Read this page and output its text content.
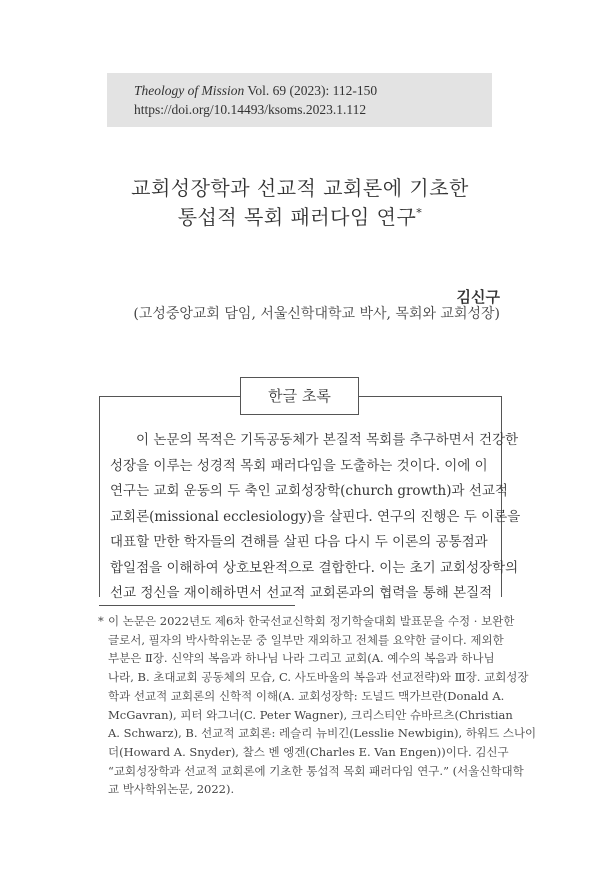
Theology of Mission Vol. 69 (2023): 112-150
https://doi.org/10.14493/ksoms.2023.1.112
교회성장학과 선교적 교회론에 기초한
통섭적 목회 패러다임 연구*
김신구
(고성중앙교회 담임, 서울신학대학교 박사, 목회와 교회성장)
한글 초록
이 논문의 목적은 기독공동체가 본질적 목회를 추구하면서 건강한
성장을 이루는 성경적 목회 패러다임을 도출하는 것이다. 이에 이
연구는 교회 운동의 두 축인 교회성장학(church growth)과 선교적
교회론(missional ecclesiology)을 살핀다. 연구의 진행은 두 이론을
대표할 만한 학자들의 견해를 살핀 다음 다시 두 이론의 공통점과
합일점을 이해하여 상호보완적으로 결합한다. 이는 초기 교회성장학의
선교 정신을 재이해하면서 선교적 교회론과의 협력을 통해 본질적
* 이 논문은 2022년도 제6차 한국선교신학회 정기학술대회 발표문을 수정 · 보완한
글로서, 필자의 박사학위논문 중 일부만 재외하고 전체를 요약한 글이다. 제외한
부분은 Ⅱ장. 신약의 복음과 하나님 나라 그리고 교회(A. 예수의 복음과 하나님
나라, B. 초대교회 공동체의 모습, C. 사도바울의 복음과 선교전략)와 Ⅲ장. 교회성장
학과 선교적 교회론의 신학적 이해(A. 교회성장학: 도널드 맥가브란(Donald A.
McGavran), 피터 와그너(C. Peter Wagner), 크리스티안 슈바르츠(Christian
A. Schwarz), B. 선교적 교회론: 레슬리 뉴비긴(Lesslie Newbigin), 하워드 스나이
더(Howard A. Snyder), 찰스 벤 엥겐(Charles E. Van Engen))이다. 김신구
“교회성장학과 선교적 교회론에 기초한 통섭적 목회 패러다임 연구.” (서울신학대학
교 박사학위논문, 2022).
